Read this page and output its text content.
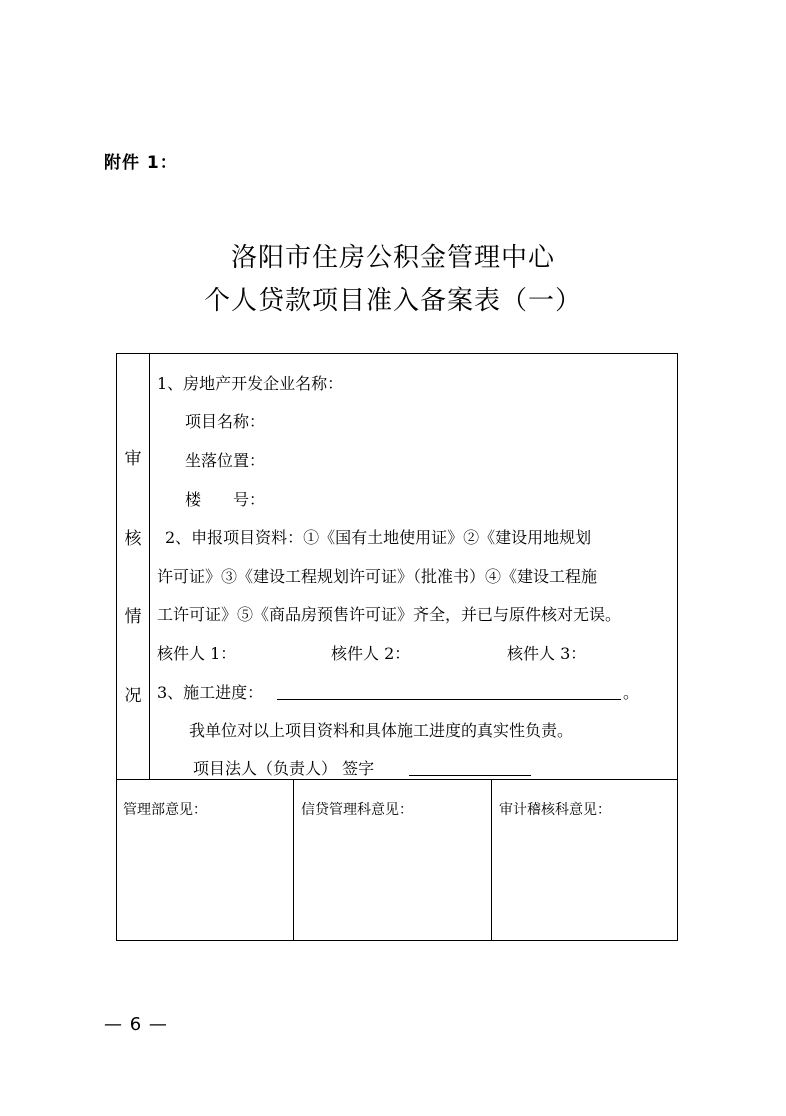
附件 1：
洛阳市住房公积金管理中心
个人贷款项目准入备案表（一）
审
核
情
况
1、房地产开发企业名称：
项目名称：
坐落位置：
楼　　号：
2、申报项目资料：①《国有土地使用证》②《建设用地规划
许可证》③《建设工程规划许可证》（批准书）④《建设工程施
工许可证》⑤《商品房预售许可证》齐全，并已与原件核对无误。
核件人 1：	核件人 2：	核件人 3：
3、施工进度：	。
我单位对以上项目资料和具体施工进度的真实性负责。
项目法人（负责人） 签字
管理部意见：	信贷管理科意见：	审计稽核科意见：
— 6 —
